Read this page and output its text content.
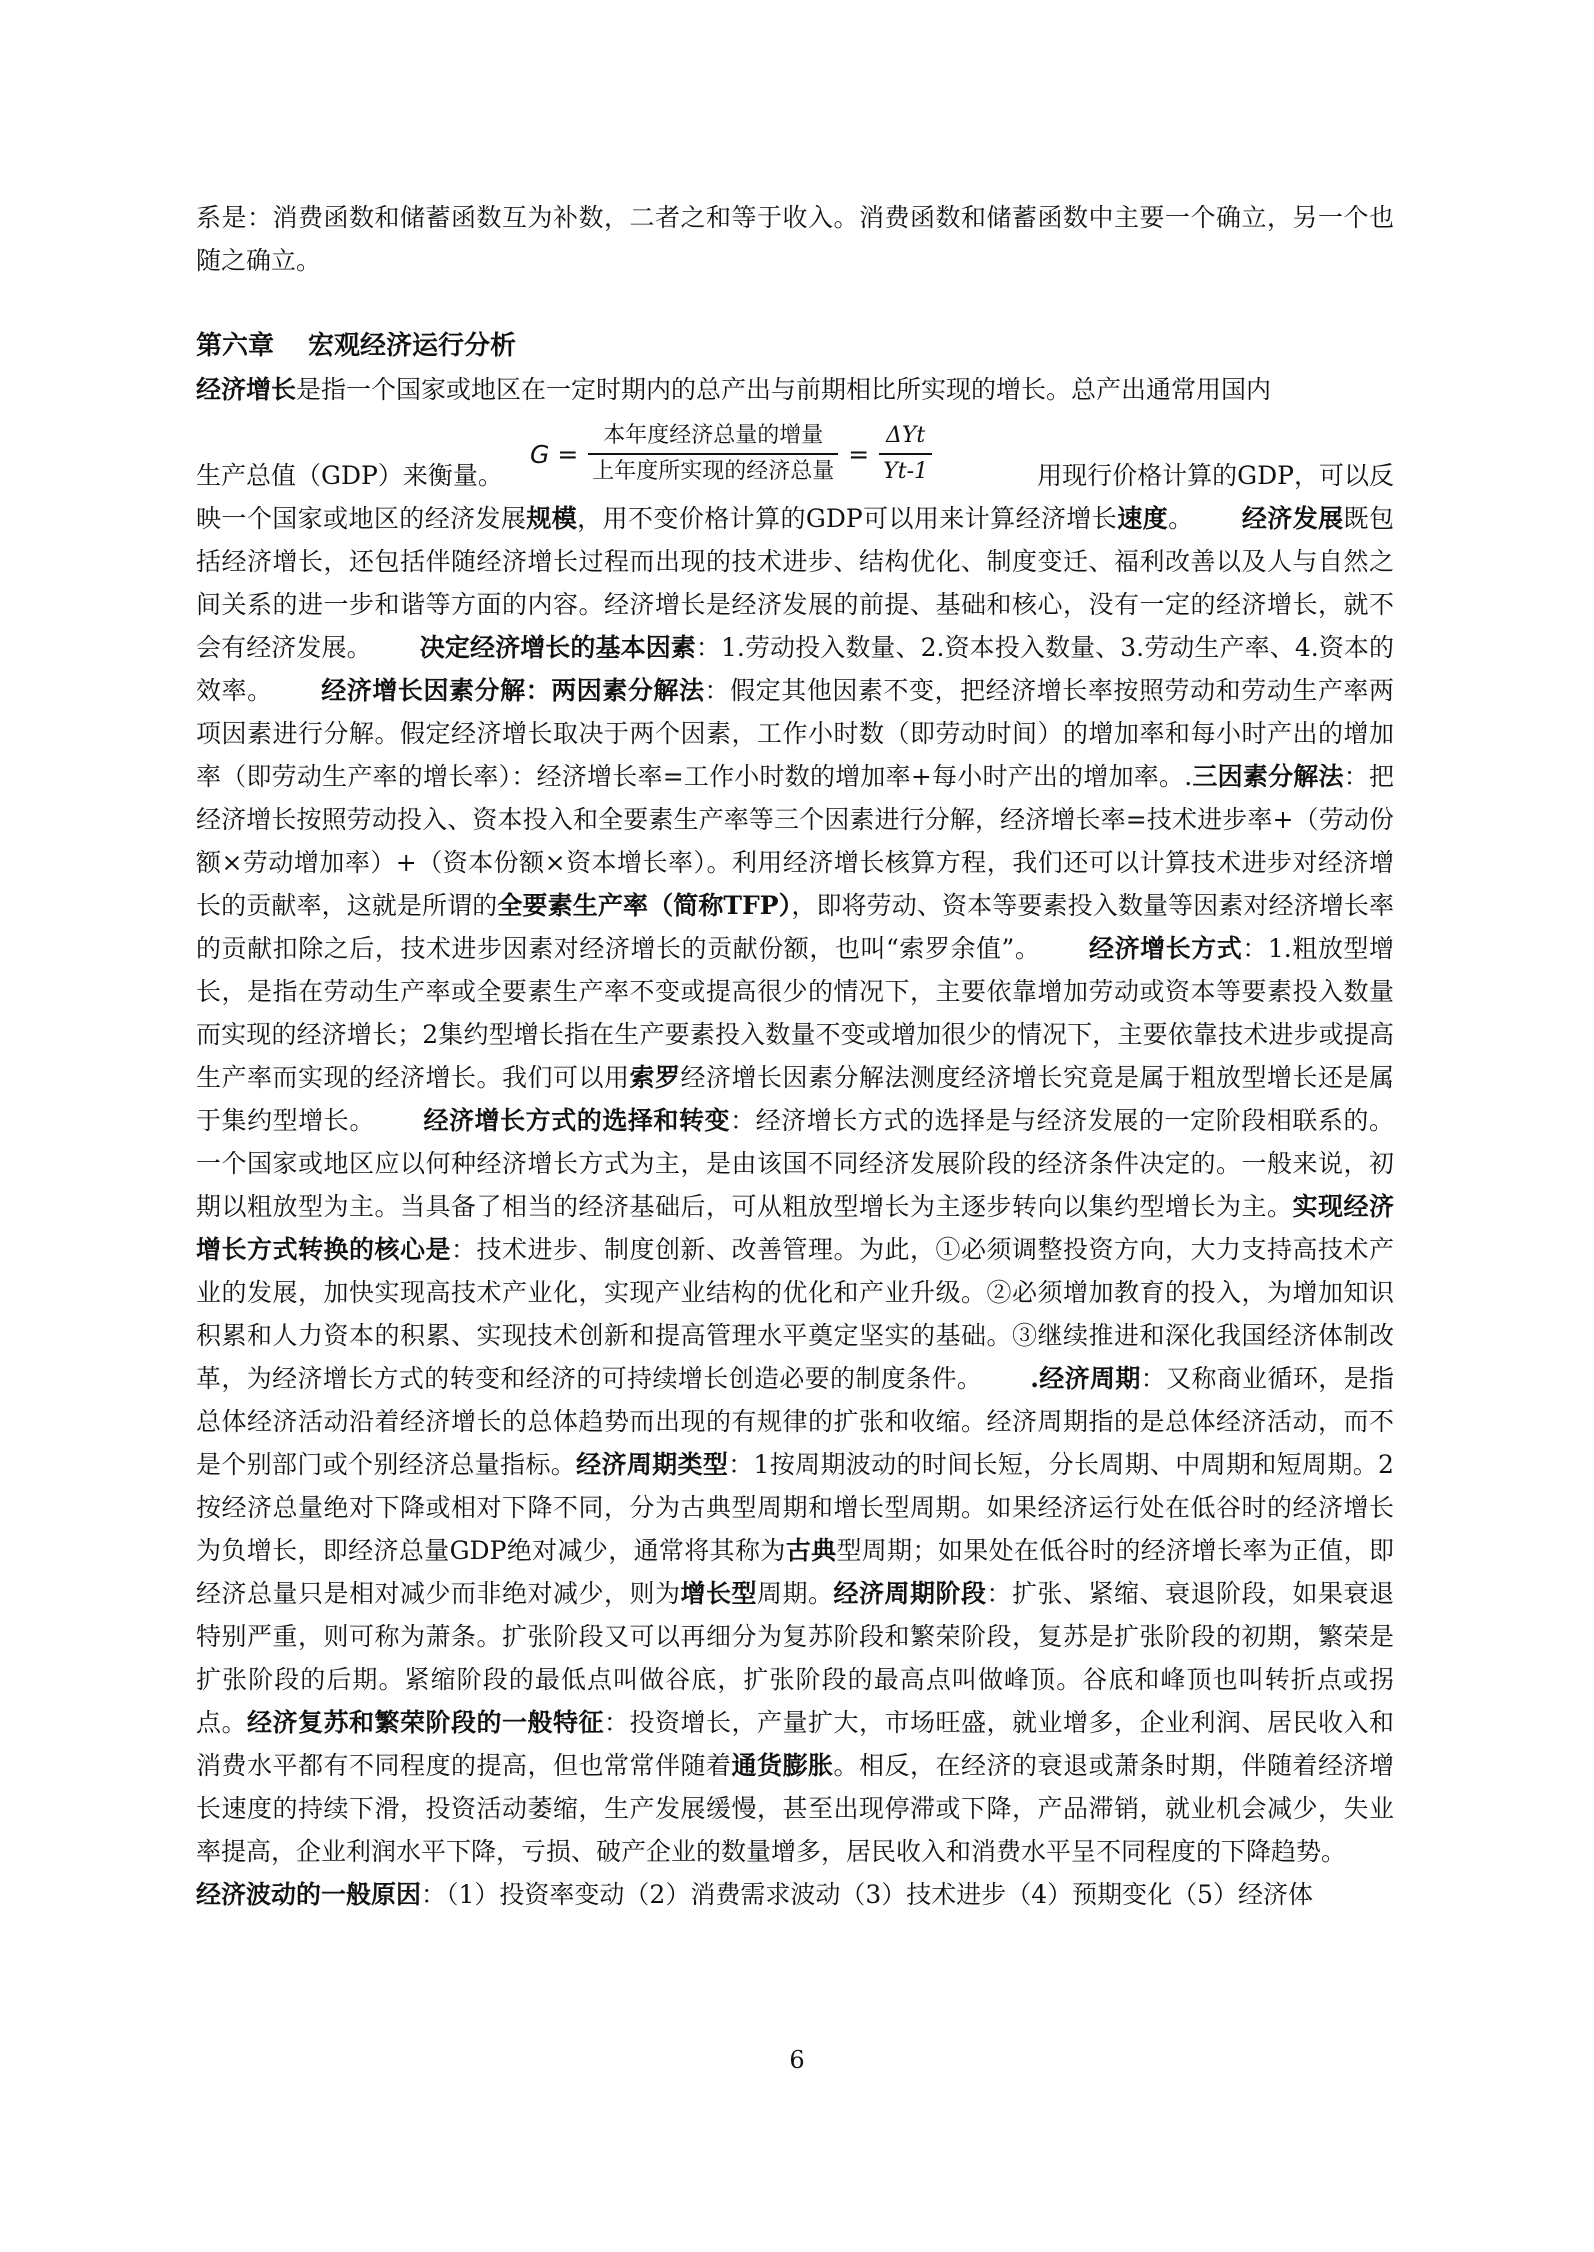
系是：消费函数和储蓄函数互为补数，二者之和等于收入。消费函数和储蓄函数中主要一个确立，另一个也随之确立。

第六章 宏观经济运行分析

经济增长是指一个国家或地区在一定时期内的总产出与前期相比所实现的增长。总产出通常用国内

生产总值（GDP）来衡量。
$G = \frac{\text{本年度经济总量的增量}}{\text{上年度所实现的经济总量}} = \frac{\text{ΔYt}}{Yt-1}$	用现行价格计算的GDP，可以反

映一个国家或地区的经济发展规模，用不变价格计算的GDP可以用来计算经济增长速度。 经济发展既包括经济增长，还包括伴随经济增长过程而出现的技术进步、结构优化、制度变迁、福利改善以及人与自然之间关系的进一步和谐等方面的内容。经济增长是经济发展的前提、基础和核心，没有一定的经济增长，就不会有经济发展。 决定经济增长的基本因素：1.劳动投入数量、2.资本投入数量、3.劳动生产率、4.资本的效率。 经济增长因素分解：两因素分解法：假定其他因素不变，把经济增长率按照劳动和劳动生产率两项因素进行分解。假定经济增长取决于两个因素，工作小时数（即劳动时间）的增加率和每小时产出的增加率（即劳动生产率的增长率）：经济增长率=工作小时数的增加率+每小时产出的增加率。.三因素分解法：把经济增长按照劳动投入、资本投入和全要素生产率等三个因素进行分解，经济增长率=技术进步率+（劳动份额×劳动增加率）+（资本份额×资本增长率）。利用经济增长核算方程，我们还可以计算技术进步对经济增长的贡献率，这就是所谓的全要素生产率（简称TFP），即将劳动、资本等要素投入数量等因素对经济增长率的贡献扣除之后，技术进步因素对经济增长的贡献份额，也叫“索罗余值”。 经济增长方式：1.粗放型增长，是指在劳动生产率或全要素生产率不变或提高很少的情况下，主要依靠增加劳动或资本等要素投入数量而实现的经济增长；2集约型增长指在生产要素投入数量不变或增加很少的情况下，主要依靠技术进步或提高生产率而实现的经济增长。我们可以用索罗经济增长因素分解法测度经济增长究竟是属于粗放型增长还是属于集约型增长。 经济增长方式的选择和转变：经济增长方式的选择是与经济发展的一定阶段相联系的。一个国家或地区应以何种经济增长方式为主，是由该国不同经济发展阶段的经济条件决定的。一般来说，初期以粗放型为主。当具备了相当的经济基础后，可从粗放型增长为主逐步转向以集约型增长为主。实现经济增长方式转换的核心是：技术进步、制度创新、改善管理。为此，①必须调整投资方向，大力支持高技术产业的发展，加快实现高技术产业化，实现产业结构的优化和产业升级。②必须增加教育的投入，为增加知识积累和人力资本的积累、实现技术创新和提高管理水平奠定坚实的基础。③继续推进和深化我国经济体制改革，为经济增长方式的转变和经济的可持续增长创造必要的制度条件。 .经济周期：又称商业循环，是指总体经济活动沿着经济增长的总体趋势而出现的有规律的扩张和收缩。经济周期指的是总体经济活动，而不是个别部门或个别经济总量指标。经济周期类型：1按周期波动的时间长短，分长周期、中周期和短周期。2按经济总量绝对下降或相对下降不同，分为古典型周期和增长型周期。如果经济运行处在低谷时的经济增长为负增长，即经济总量GDP绝对减少，通常将其称为古典型周期；如果处在低谷时的经济增长率为正值，即经济总量只是相对减少而非绝对减少，则为增长型周期。经济周期阶段：扩张、紧缩、衰退阶段，如果衰退特别严重，则可称为萧条。扩张阶段又可以再细分为复苏阶段和繁荣阶段，复苏是扩张阶段的初期，繁荣是扩张阶段的后期。紧缩阶段的最低点叫做谷底，扩张阶段的最高点叫做峰顶。谷底和峰顶也叫转折点或拐点。经济复苏和繁荣阶段的一般特征：投资增长，产量扩大，市场旺盛，就业增多，企业利润、居民收入和消费水平都有不同程度的提高，但也常常伴随着通货膨胀。相反，在经济的衰退或萧条时期，伴随着经济增长速度的持续下滑，投资活动萎缩，生产发展缓慢，甚至出现停滞或下降，产品滞销，就业机会减少，失业率提高，企业利润水平下降，亏损、破产企业的数量增多，居民收入和消费水平呈不同程度的下降趋势。经济波动的一般原因：（1）投资率变动（2）消费需求波动（3）技术进步（4）预期变化（5）经济体

6
